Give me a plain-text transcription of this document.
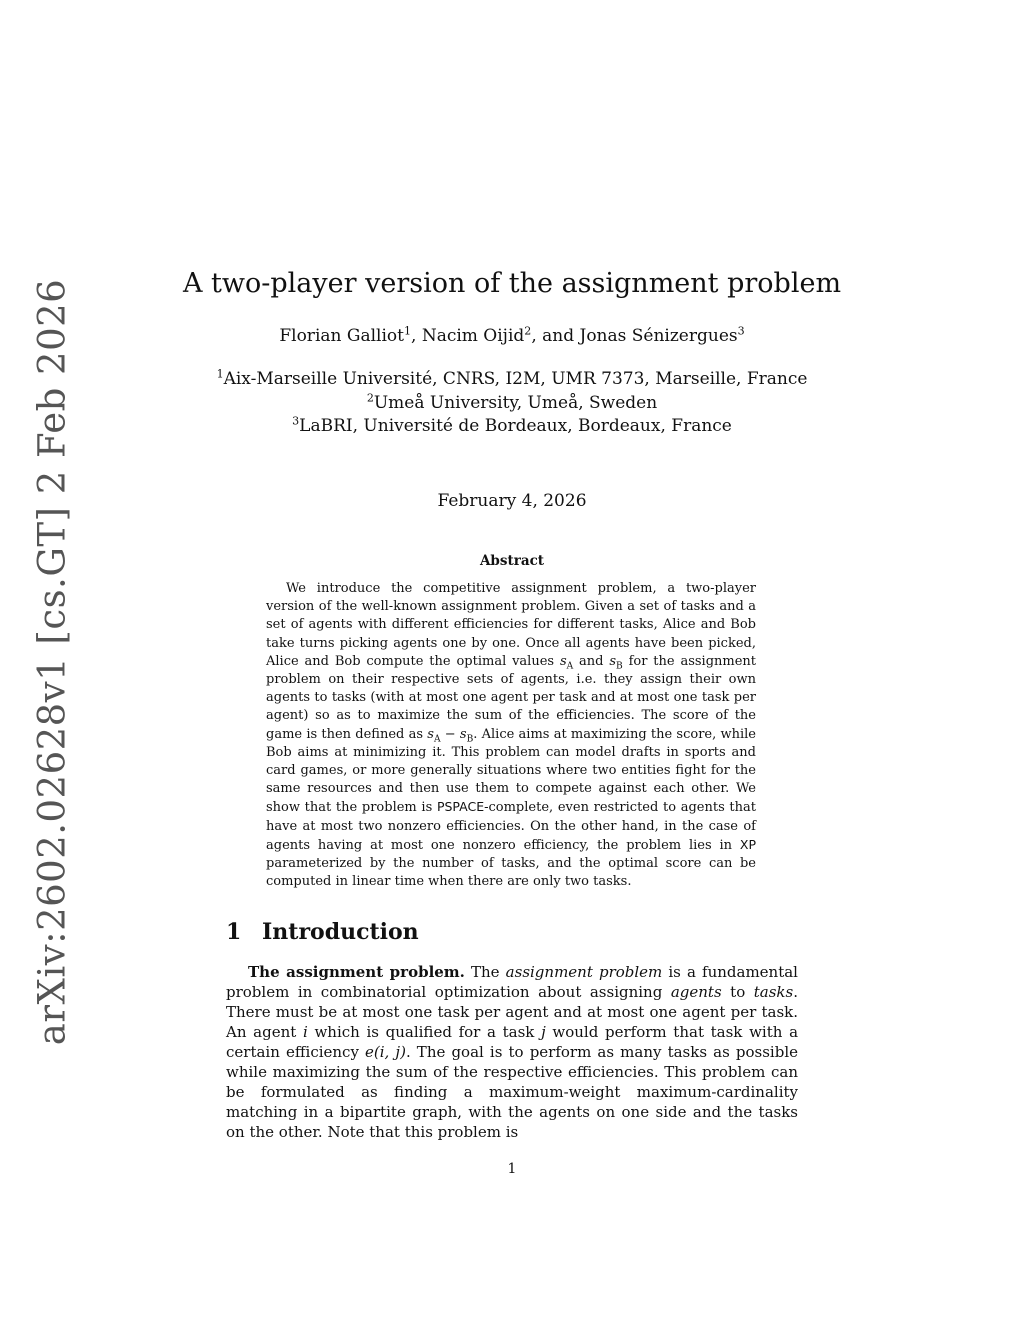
arXiv:2602.02628v1 [cs.GT] 2 Feb 2026	A two-player version of the assignment problem
Florian Galliot$^1$, Nacim Oijid$^2$, and Jonas Sénizergues$^3$
$^1$Aix-Marseille Université, CNRS, I2M, UMR 7373, Marseille, France
$^2$Umeå University, Umeå, Sweden
$^3$LaBRI, Université de Bordeaux, Bordeaux, France
February 4, 2026
Abstract
We introduce the competitive assignment problem, a two-player version of the well-known assignment problem. Given a set of tasks and a set of agents with different efficiencies for different tasks, Alice and Bob take turns picking agents one by one. Once all agents have been picked, Alice and Bob compute the optimal values $s_A$ and $s_B$ for the assignment problem on their respective sets of agents, i.e. they assign their own agents to tasks (with at most one agent per task and at most one task per agent) so as to maximize the sum of the efficiencies. The score of the game is then defined as $s_A - s_B$. Alice aims at maximizing the score, while Bob aims at minimizing it. This problem can model drafts in sports and card games, or more generally situations where two entities fight for the same resources and then use them to compete against each other. We show that the problem is PSPACE-complete, even restricted to agents that have at most two nonzero efficiencies. On the other hand, in the case of agents having at most one nonzero efficiency, the problem lies in XP parameterized by the number of tasks, and the optimal score can be computed in linear time when there are only two tasks.
1 Introduction
The assignment problem. The assignment problem is a fundamental problem in combinatorial optimization about assigning agents to tasks. There must be at most one task per agent and at most one agent per task. An agent i which is qualified for a task j would perform that task with a certain efficiency e(i, j). The goal is to perform as many tasks as possible while maximizing the sum of the respective efficiencies. This problem can be formulated as finding a maximum-weight maximum-cardinality matching in a bipartite graph, with the agents on one side and the tasks on the other. Note that this problem is
1
